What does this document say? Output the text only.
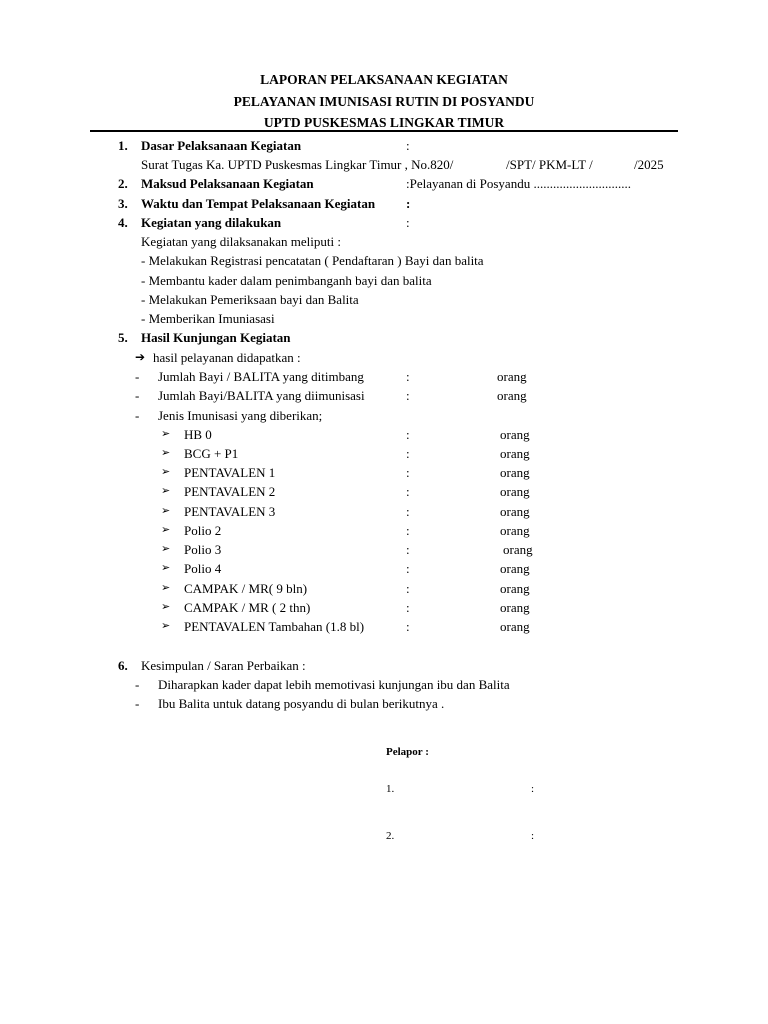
LAPORAN PELAKSANAAN KEGIATAN
PELAYANAN IMUNISASI RUTIN DI POSYANDU
UPTD PUSKESMAS LINGKAR TIMUR
1. Dasar Pelaksanaan Kegiatan	:
Surat Tugas Ka. UPTD Puskesmas Lingkar Timur , No.820/	/SPT/ PKM-LT /	/2025
2. Maksud Pelaksanaan Kegiatan	:Pelayanan di Posyandu ..............................
3. Waktu dan Tempat Pelaksanaan Kegiatan :
4. Kegiatan yang dilakukan	:
Kegiatan yang dilaksanakan meliputi :
- Melakukan Registrasi pencatatan ( Pendaftaran ) Bayi dan balita
- Membantu kader dalam penimbanganh bayi dan balita
- Melakukan Pemeriksaan bayi dan Balita
- Memberikan Imuniasasi
5. Hasil Kunjungan Kegiatan
➔ hasil pelayanan didapatkan :
- Jumlah Bayi / BALITA yang ditimbang	:	orang
- Jumlah Bayi/BALITA yang diimunisasi	:	orang
- Jenis Imunisasi yang diberikan;
➢ HB 0	:	orang
➢ BCG + P1	:	orang
➢ PENTAVALEN 1	:	orang
➢ PENTAVALEN 2	:	orang
➢ PENTAVALEN 3	:	orang
➢ Polio 2	:	orang
➢ Polio 3	:	orang
➢ Polio 4	:	orang
➢ CAMPAK / MR( 9 bln)	:	orang
➢ CAMPAK / MR ( 2 thn)	:	orang
➢ PENTAVALEN Tambahan (1.8 bl)	:	orang
6. Kesimpulan / Saran Perbaikan :
- Diharapkan kader dapat lebih memotivasi kunjungan ibu dan Balita
- Ibu Balita untuk datang posyandu di bulan berikutnya .
Pelapor :
1.	:
2.	:
